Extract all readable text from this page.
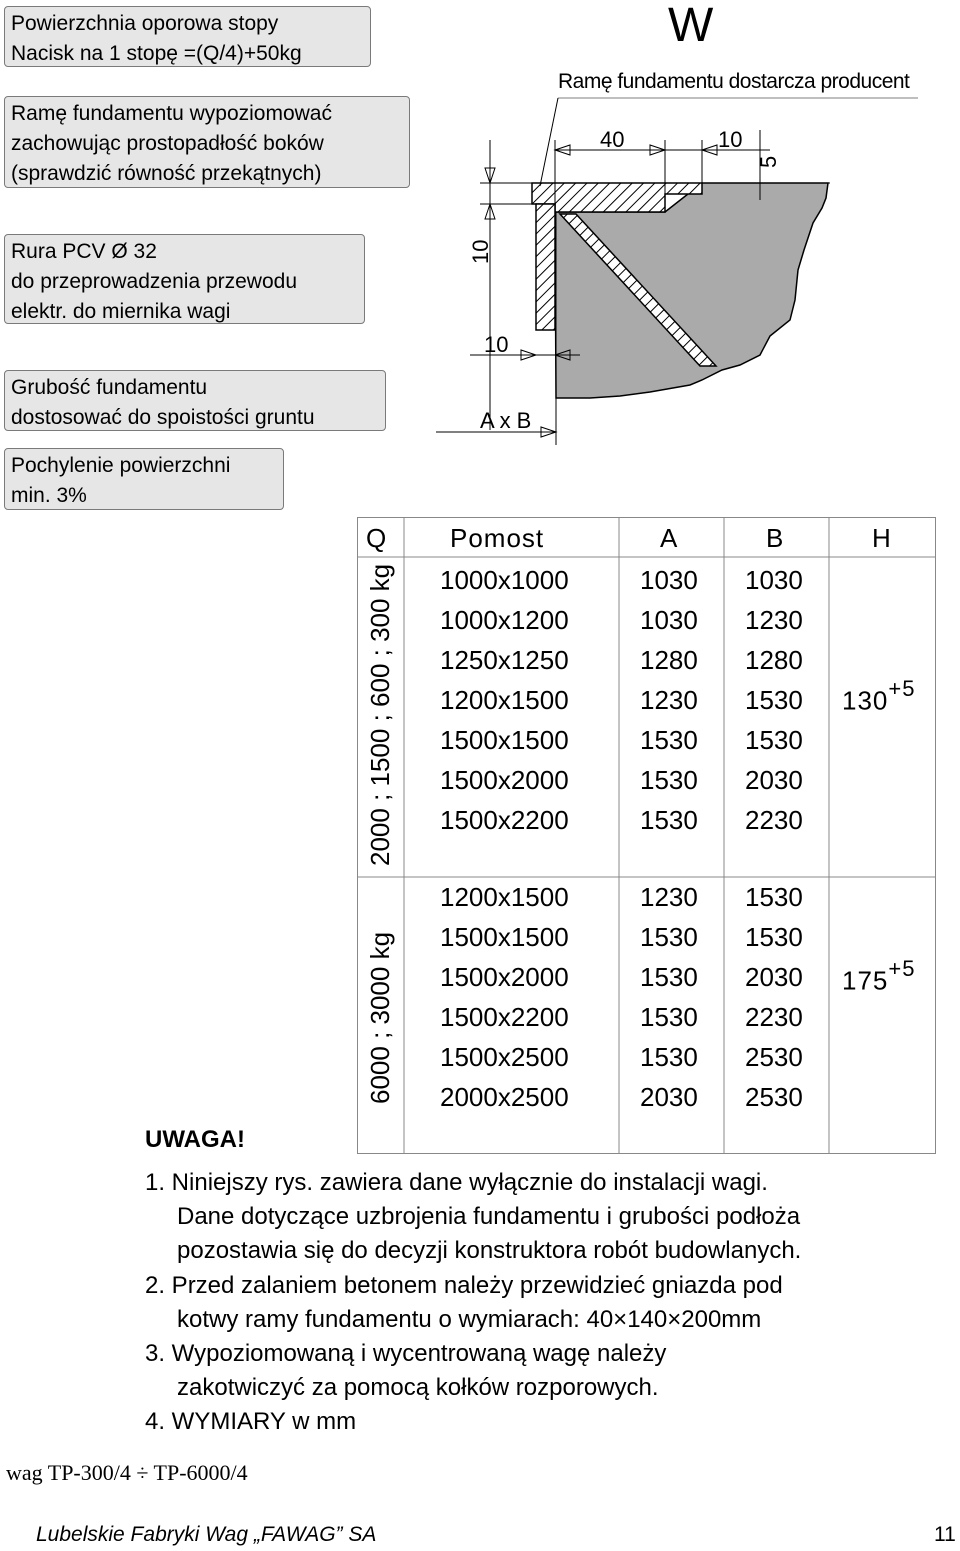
W
Ramę fundamentu dostarcza producent
40	10
5
10
10
A x B
Powierzchnia oporowa stopy
Nacisk na 1 stopę =(Q/4)+50kg
Ramę fundamentu wypoziomować
zachowując prostopadłość boków
(sprawdzić równość przekątnych)
Rura PCV Ø 32
do przeprowadzenia przewodu
elektr. do miernika wagi
Grubość fundamentu
dostosować do spoistości gruntu
Pochylenie powierzchni
min. 3%
Q Pomost	A	B	H
2000 ; 1500 ; 600 ; 300 kg
6000 ; 3000 kg
$130^{+5}$
$175^{+5}$
1000x1000	1030 1030
1000x1200	1030 1230
1250x1250	1280 1280
1200x1500	1230 1530
1500x1500	1530 1530
1500x2000	1530 2030
1500x2200	1530 2230
1200x1500	1230 1530
1500x1500	1530 1530
1500x2000	1530 2030
1500x2200	1530 2230
1500x2500	1530 2530
2000x2500	2030 2530
UWAGA!
1. Niniejszy rys. zawiera dane wyłącznie do instalacji wagi.
Dane dotyczące uzbrojenia fundamentu i grubości podłoża
pozostawia się do decyzji konstruktora robót budowlanych.
2. Przed zalaniem betonem należy przewidzieć gniazda pod
kotwy ramy fundamentu o wymiarach: 40×140×200mm
3. Wypoziomowaną i wycentrowaną wagę należy
zakotwiczyć za pomocą kołków rozporowych.
4. WYMIARY w mm
wag TP-300/4 ÷ TP-6000/4
Lubelskie Fabryki Wag „FAWAG” SA	11
